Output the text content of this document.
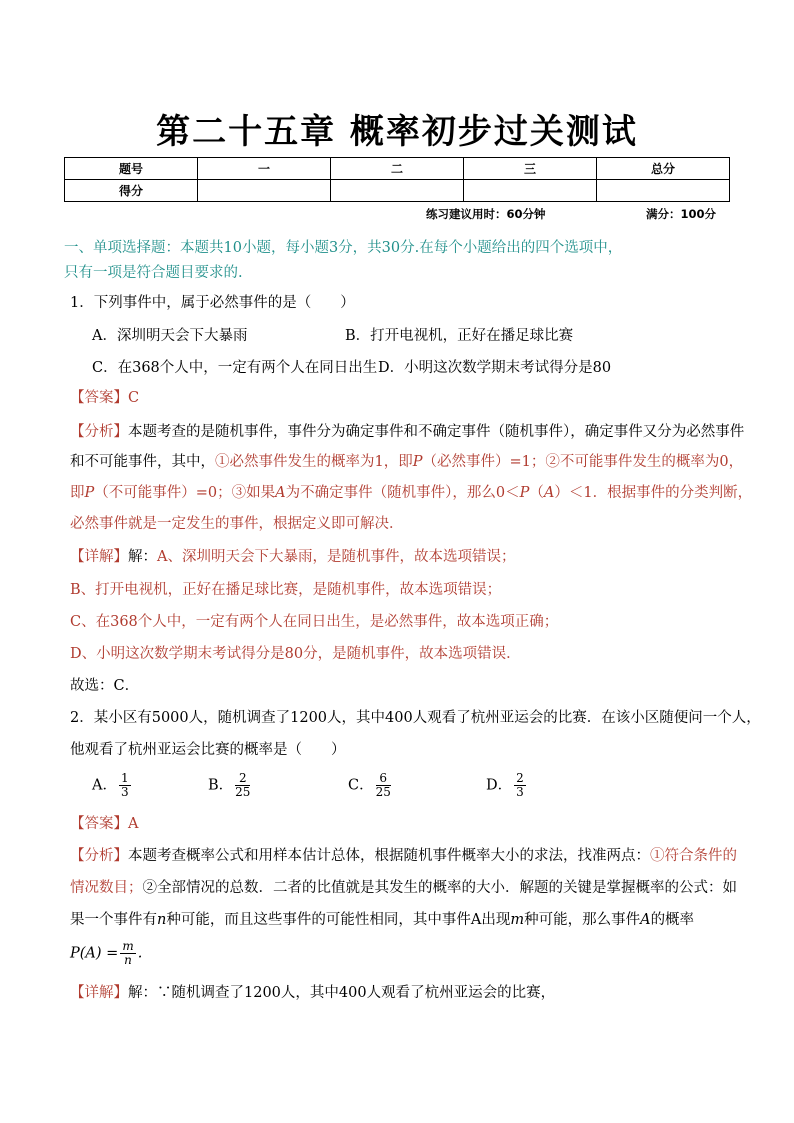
第二十五章 概率初步过关测试
题号	一	二	三	总分
得分				
练习建议用时：60分钟	满分：100分
一、单项选择题：本题共10小题，每小题3分，共30分.在每个小题给出的四个选项中，
只有一项是符合题目要求的.
1．下列事件中，属于必然事件的是（　　）
A．深圳明天会下大暴雨	B．打开电视机，正好在播足球比赛
C．在368个人中，一定有两个人在同日出生 D．小明这次数学期末考试得分是80
【答案】C
【分析】本题考查的是随机事件，事件分为确定事件和不确定事件（随机事件），确定事件又分为必然事件
和不可能事件，其中，①必然事件发生的概率为1，即P（必然事件）=1；②不可能事件发生的概率为0，
即P（不可能事件）=0；③如果A为不确定事件（随机事件），那么0＜P（A）＜1．根据事件的分类判断，
必然事件就是一定发生的事件，根据定义即可解决．
【详解】解：A、深圳明天会下大暴雨，是随机事件，故本选项错误；
B、打开电视机，正好在播足球比赛，是随机事件，故本选项错误；
C、在368个人中，一定有两个人在同日出生，是必然事件，故本选项正确；
D、小明这次数学期末考试得分是80分，是随机事件，故本选项错误．
故选：C．
2．某小区有5000人，随机调查了1200人，其中400人观看了杭州亚运会的比赛．在该小区随便问一个人，
他观看了杭州亚运会比赛的概率是（　　）
A． $\frac{1}{3}$	B． $\frac{2}{25}$	C． $\frac{6}{25}$	D． $\frac{2}{3}$
【答案】A
【分析】本题考查概率公式和用样本估计总体，根据随机事件概率大小的求法，找准两点：①符合条件的
情况数目；②全部情况的总数．二者的比值就是其发生的概率的大小．解题的关键是掌握概率的公式：如
果一个事件有n种可能，而且这些事件的可能性相同，其中事件A出现m种可能，那么事件A的概率
$P(A) = \frac{m}{n}$ .
【详解】解：∵随机调查了1200人，其中400人观看了杭州亚运会的比赛，
